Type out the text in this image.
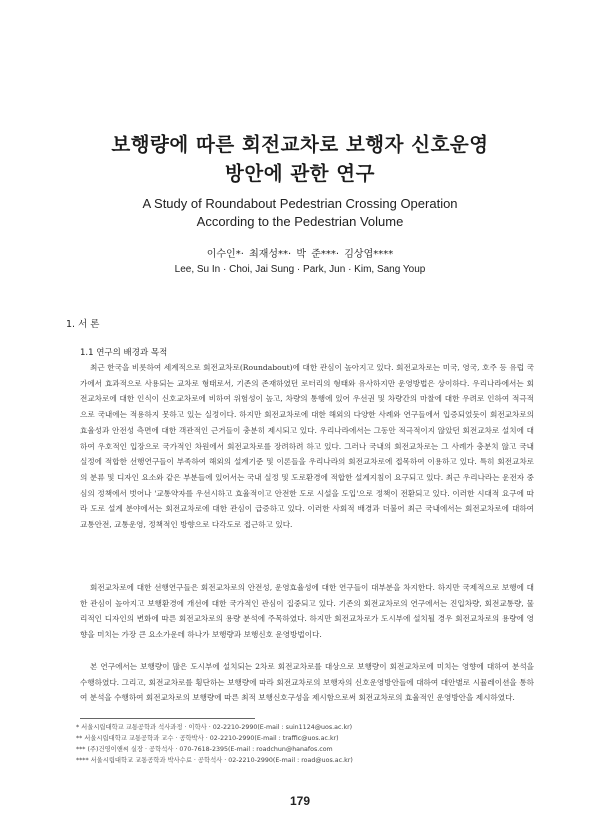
보행량에 따른 회전교차로 보행자 신호운영
방안에 관한 연구
A Study of Roundabout Pedestrian Crossing Operation
According to the Pedestrian Volume
이수인*· 최재성**· 박 준***· 김상엽****
Lee, Su In · Choi, Jai Sung · Park, Jun · Kim, Sang Youp
1. 서 론
1.1 연구의 배경과 목적

최근 한국을 비롯하여 세계적으로 회전교차로(Roundabout)에 대한 관심이 높아지고 있다. 회전교차로는 미국, 영국, 호주 등 유럽 국가에서 효과적으로 사용되는 교차로 형태로서, 기존의 존재하였던 로터리의 형태와 유사하지만 운영방법은 상이하다. 우리나라에서는 회전교차로에 대한 인식이 신호교차로에 비하여 위험성이 높고, 차량의 통행에 있어 우선권 및 차량간의 마찰에 대한 우려로 인하여 적극적으로 국내에는 적용하지 못하고 있는 실정이다. 하지만 회전교차로에 대한 해외의 다양한 사례와 연구들에서 입증되었듯이 회전교차로의 효율성과 안전성 측면에 대한 객관적인 근거들이 충분히 제시되고 있다. 우리나라에서는 그동안 적극적이지 않았던 회전교차로 설치에 대하여 우호적인 입장으로 국가적인 차원에서 회전교차로를 장려하려 하고 있다. 그러나 국내의 회전교차로는 그 사례가 충분치 않고 국내 실정에 적합한 선행연구들이 부족하여 해외의 설계기준 및 이론들을 우리나라의 회전교차로에 접목하여 이용하고 있다. 특히 회전교차로의 분류 및 디자인 요소와 같은 부분들에 있어서는 국내 실정 및 도로환경에 적합한 설계지침이 요구되고 있다. 최근 우리나라는 운전자 중심의 정책에서 벗어나 '교통약자를 우선시하고 효율적이고 안전한 도로 시설을 도입'으로 정책이 전환되고 있다. 이러한 시대적 요구에 따라 도로 설계 분야에서는 회전교차로에 대한 관심이 급증하고 있다. 이러한 사회적 배경과 더불어 최근 국내에서는 회전교차로에 대하여 교통안전, 교통운영, 정책적인 방향으로 다각도로 접근하고 있다.

회전교차로에 대한 선행연구들은 회전교차로의 안전성, 운영효율성에 대한 연구들이 대부분을 차지한다. 하지만 국제적으로 보행에 대한 관심이 높아지고 보행환경에 개선에 대한 국가적인 관심이 집중되고 있다. 기존의 회전교차로의 연구에서는 진입차량, 회전교통량, 물리적인 디자인의 변화에 따른 회전교차로의 용량 분석에 주목하였다. 하지만 회전교차로가 도시부에 설치될 경우 회전교차로의 용량에 영향을 미치는 가장 큰 요소가운데 하나가 보행량과 보행신호 운영방법이다.

본 연구에서는 보행량이 많은 도시부에 설치되는 2차로 회전교차로를 대상으로 보행량이 회전교차로에 미치는 영향에 대하여 분석을 수행하였다. 그리고, 회전교차로를 횡단하는 보행량에 따라 회전교차로의 보행자의 신호운영방안들에 대하여 대안별로 시뮬레이션을 통하여 분석을 수행하여 회전교차로의 보행량에 따른 최적 보행신호구성을 제시함으로써 회전교차로의 효율적인 운영방안을 제시하였다.

* 서울시립대학교 교통공학과 석사과정 · 이학사 · 02-2210-2990(E-mail : suin1124@uos.ac.kr)
** 서울시립대학교 교통공학과 교수 · 공학박사 · 02-2210-2990(E-mail : traffic@uos.ac.kr)
*** (주)건영이앤씨 실장 · 공학석사 · 070-7618-2395(E-mail : roadchun@hanafos.com
**** 서울시립대학교 교통공학과 박사수료 · 공학석사 · 02-2210-2990(E-mail : road@uos.ac.kr)
179
